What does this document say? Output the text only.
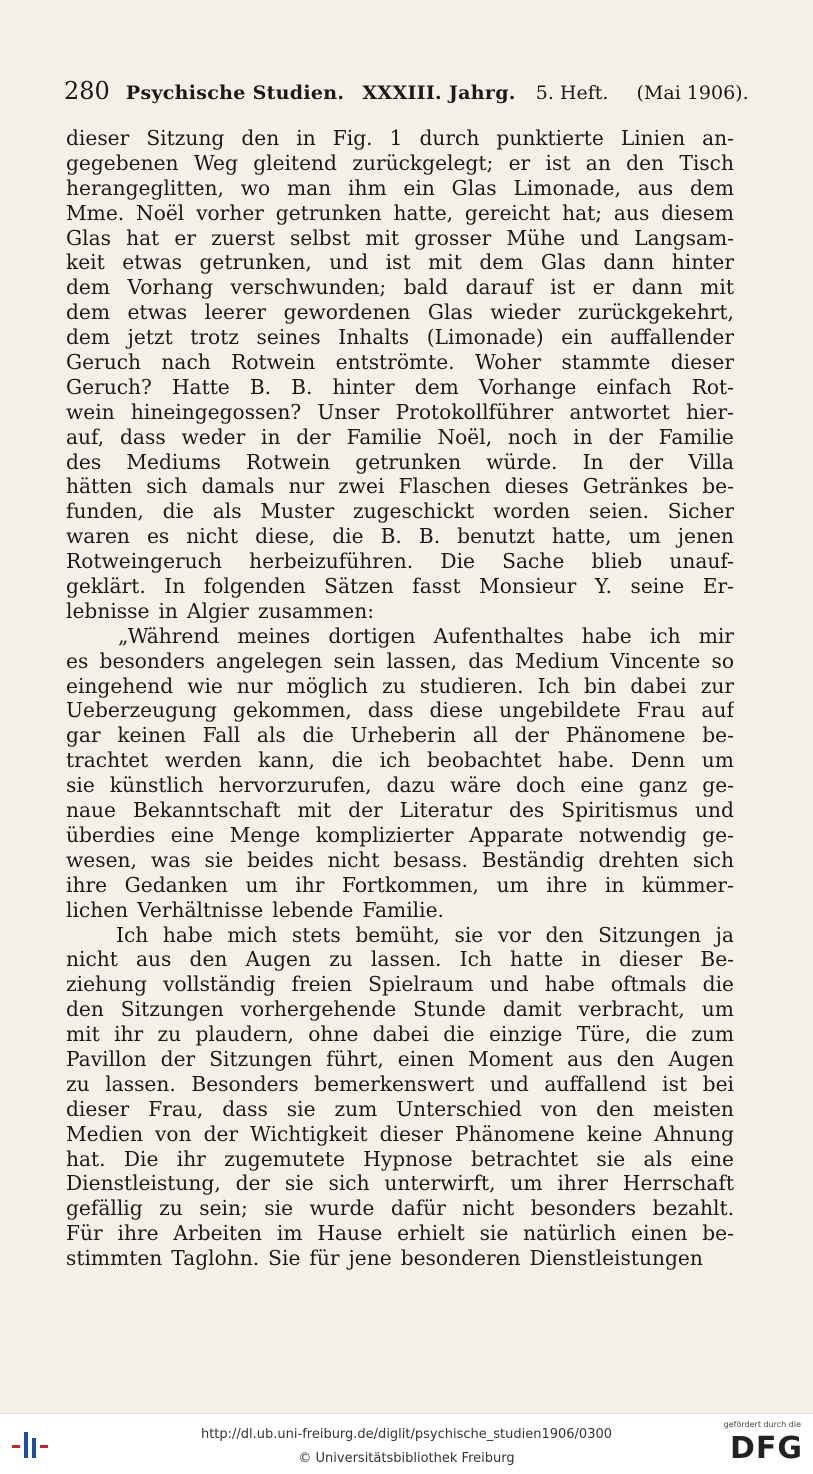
280 Psychische Studien. XXXIII. Jahrg. 5. Heft. (Mai 1906).
dieser Sitzung den in Fig. 1 durch punktierte Linien an-
gegebenen Weg gleitend zurückgelegt; er ist an den Tisch
herangeglitten, wo man ihm ein Glas Limonade, aus dem
Mme. Noël vorher getrunken hatte, gereicht hat; aus diesem
Glas hat er zuerst selbst mit grosser Mühe und Langsam-
keit etwas getrunken, und ist mit dem Glas dann hinter
dem Vorhang verschwunden; bald darauf ist er dann mit
dem etwas leerer gewordenen Glas wieder zurückgekehrt,
dem jetzt trotz seines Inhalts (Limonade) ein auffallender
Geruch nach Rotwein entströmte. Woher stammte dieser
Geruch? Hatte B. B. hinter dem Vorhange einfach Rot-
wein hineingegossen? Unser Protokollführer antwortet hier-
auf, dass weder in der Familie Noël, noch in der Familie
des Mediums Rotwein getrunken würde. In der Villa
hätten sich damals nur zwei Flaschen dieses Getränkes be-
funden, die als Muster zugeschickt worden seien. Sicher
waren es nicht diese, die B. B. benutzt hatte, um jenen
Rotweingeruch herbeizuführen. Die Sache blieb unauf-
geklärt. In folgenden Sätzen fasst Monsieur Y. seine Er-
lebnisse in Algier zusammen:
„Während meines dortigen Aufenthaltes habe ich mir
es besonders angelegen sein lassen, das Medium Vincente so
eingehend wie nur möglich zu studieren. Ich bin dabei zur
Ueberzeugung gekommen, dass diese ungebildete Frau auf
gar keinen Fall als die Urheberin all der Phänomene be-
trachtet werden kann, die ich beobachtet habe. Denn um
sie künstlich hervorzurufen, dazu wäre doch eine ganz ge-
naue Bekanntschaft mit der Literatur des Spiritismus und
überdies eine Menge komplizierter Apparate notwendig ge-
wesen, was sie beides nicht besass. Beständig drehten sich
ihre Gedanken um ihr Fortkommen, um ihre in kümmer-
lichen Verhältnisse lebende Familie.
Ich habe mich stets bemüht, sie vor den Sitzungen ja
nicht aus den Augen zu lassen. Ich hatte in dieser Be-
ziehung vollständig freien Spielraum und habe oftmals die
den Sitzungen vorhergehende Stunde damit verbracht, um
mit ihr zu plaudern, ohne dabei die einzige Türe, die zum
Pavillon der Sitzungen führt, einen Moment aus den Augen
zu lassen. Besonders bemerkenswert und auffallend ist bei
dieser Frau, dass sie zum Unterschied von den meisten
Medien von der Wichtigkeit dieser Phänomene keine Ahnung
hat. Die ihr zugemutete Hypnose betrachtet sie als eine
Dienstleistung, der sie sich unterwirft, um ihrer Herrschaft
gefällig zu sein; sie wurde dafür nicht besonders bezahlt.
Für ihre Arbeiten im Hause erhielt sie natürlich einen be-
stimmten Taglohn. Sie für jene besonderen Dienstleistungen
http://dl.ub.uni-freiburg.de/diglit/psychische_studien1906/0300
© Universitätsbibliothek Freiburg
gefördert durch die
DFG
